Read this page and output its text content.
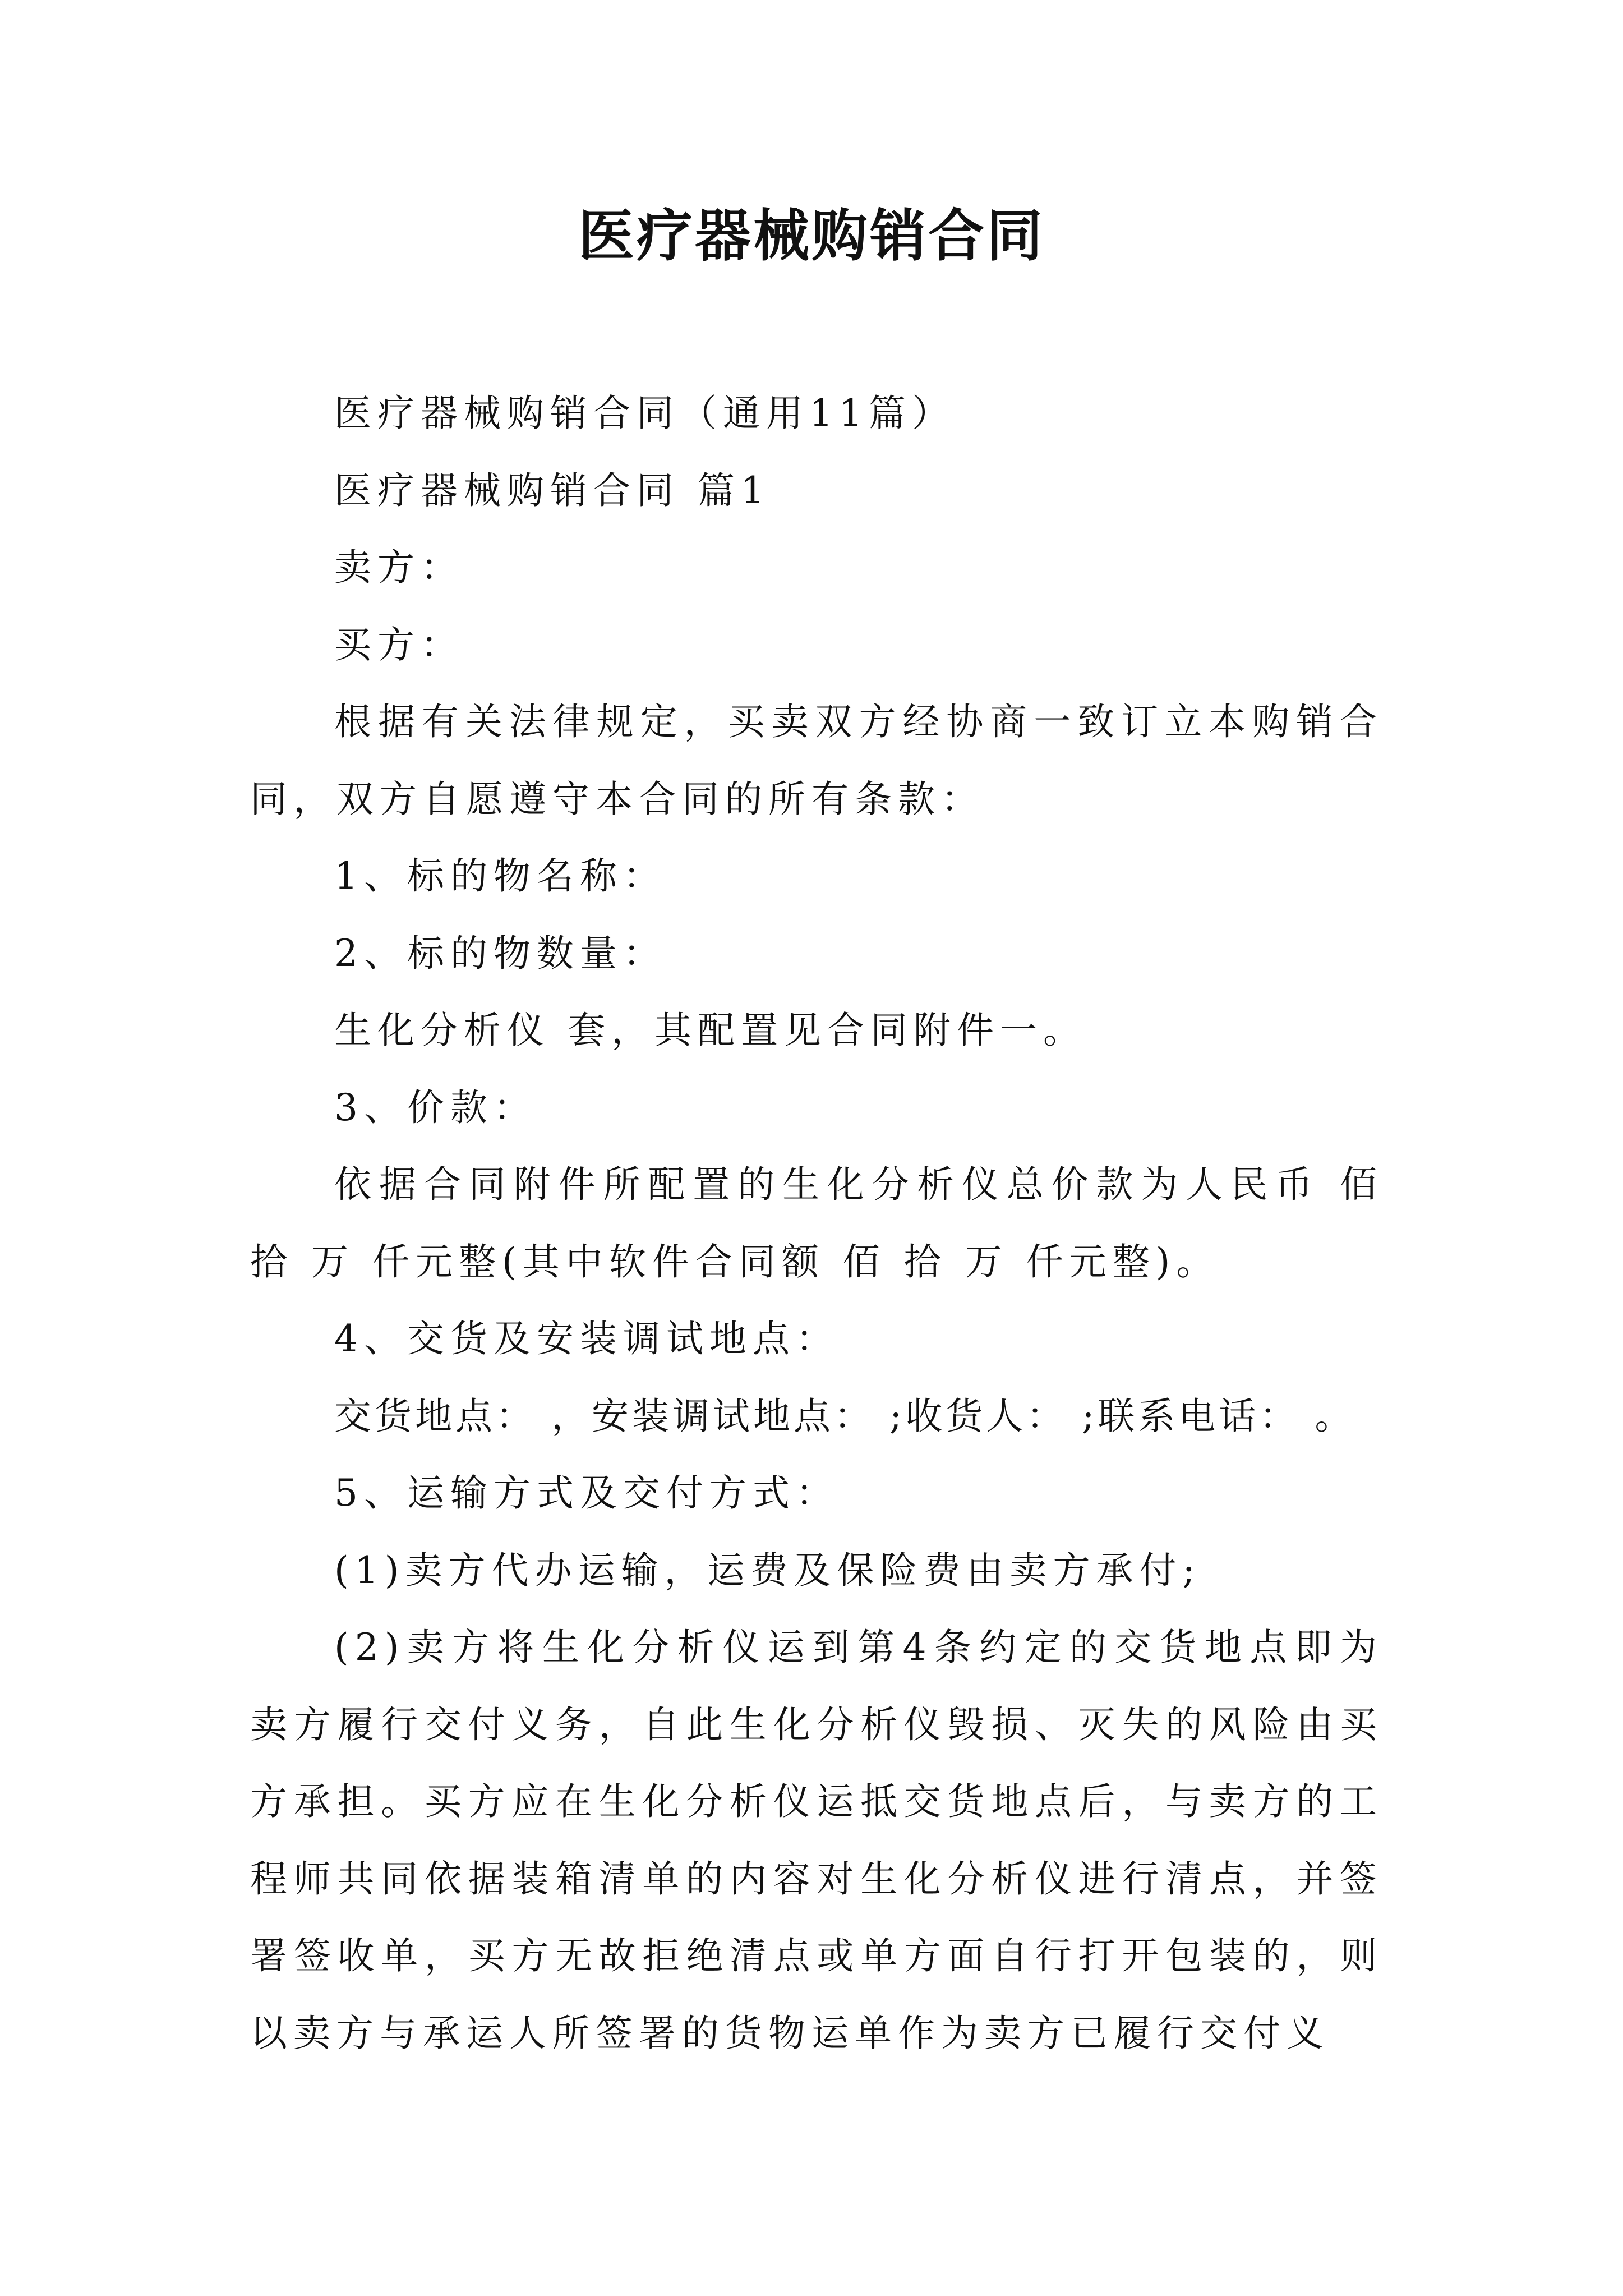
医疗器械购销合同

医疗器械购销合同（通用11篇）

医疗器械购销合同 篇1

卖方：

买方：

根据有关法律规定，买卖双方经协商一致订立本购销合同，双方自愿遵守本合同的所有条款：

1、标的物名称：

2、标的物数量：

生化分析仪 套，其配置见合同附件一。

3、价款：

依据合同附件所配置的生化分析仪总价款为人民币 佰 拾 万 仟元整(其中软件合同额 佰 拾 万 仟元整)。

4、交货及安装调试地点：

交货地点： ，安装调试地点： ;收货人： ;联系电话： 。

5、运输方式及交付方式：

(1)卖方代办运输，运费及保险费由卖方承付;

(2)卖方将生化分析仪运到第4条约定的交货地点即为卖方履行交付义务，自此生化分析仪毁损、灭失的风险由买方承担。买方应在生化分析仪运抵交货地点后，与卖方的工程师共同依据装箱清单的内容对生化分析仪进行清点，并签署签收单，买方无故拒绝清点或单方面自行打开包装的，则以卖方与承运人所签署的货物运单作为卖方已履行交付义
